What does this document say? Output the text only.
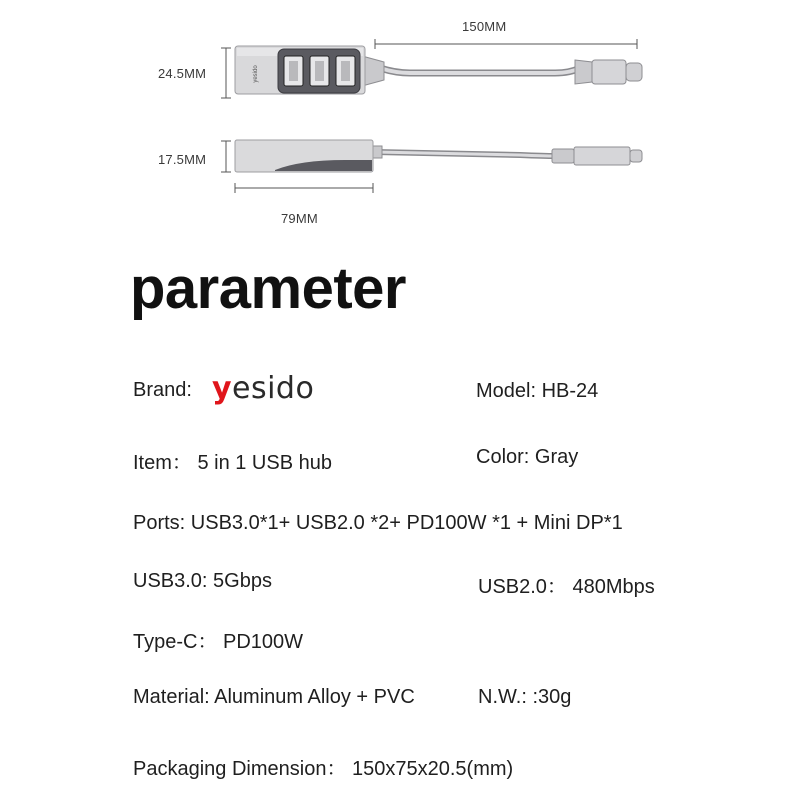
yesido
150MM
24.5MM
17.5MM
79MM
parameter
Brand: yesido	Model: HB-24
Item： 5 in 1 USB hub	Color: Gray
Ports: USB3.0*1+ USB2.0 *2+ PD100W *1 + Mini DP*1
USB3.0: 5Gbps	USB2.0： 480Mbps
Type-C： PD100W
Material: Aluminum Alloy + PVC	N.W.: :30g
Packaging Dimension： 150x75x20.5(mm)
